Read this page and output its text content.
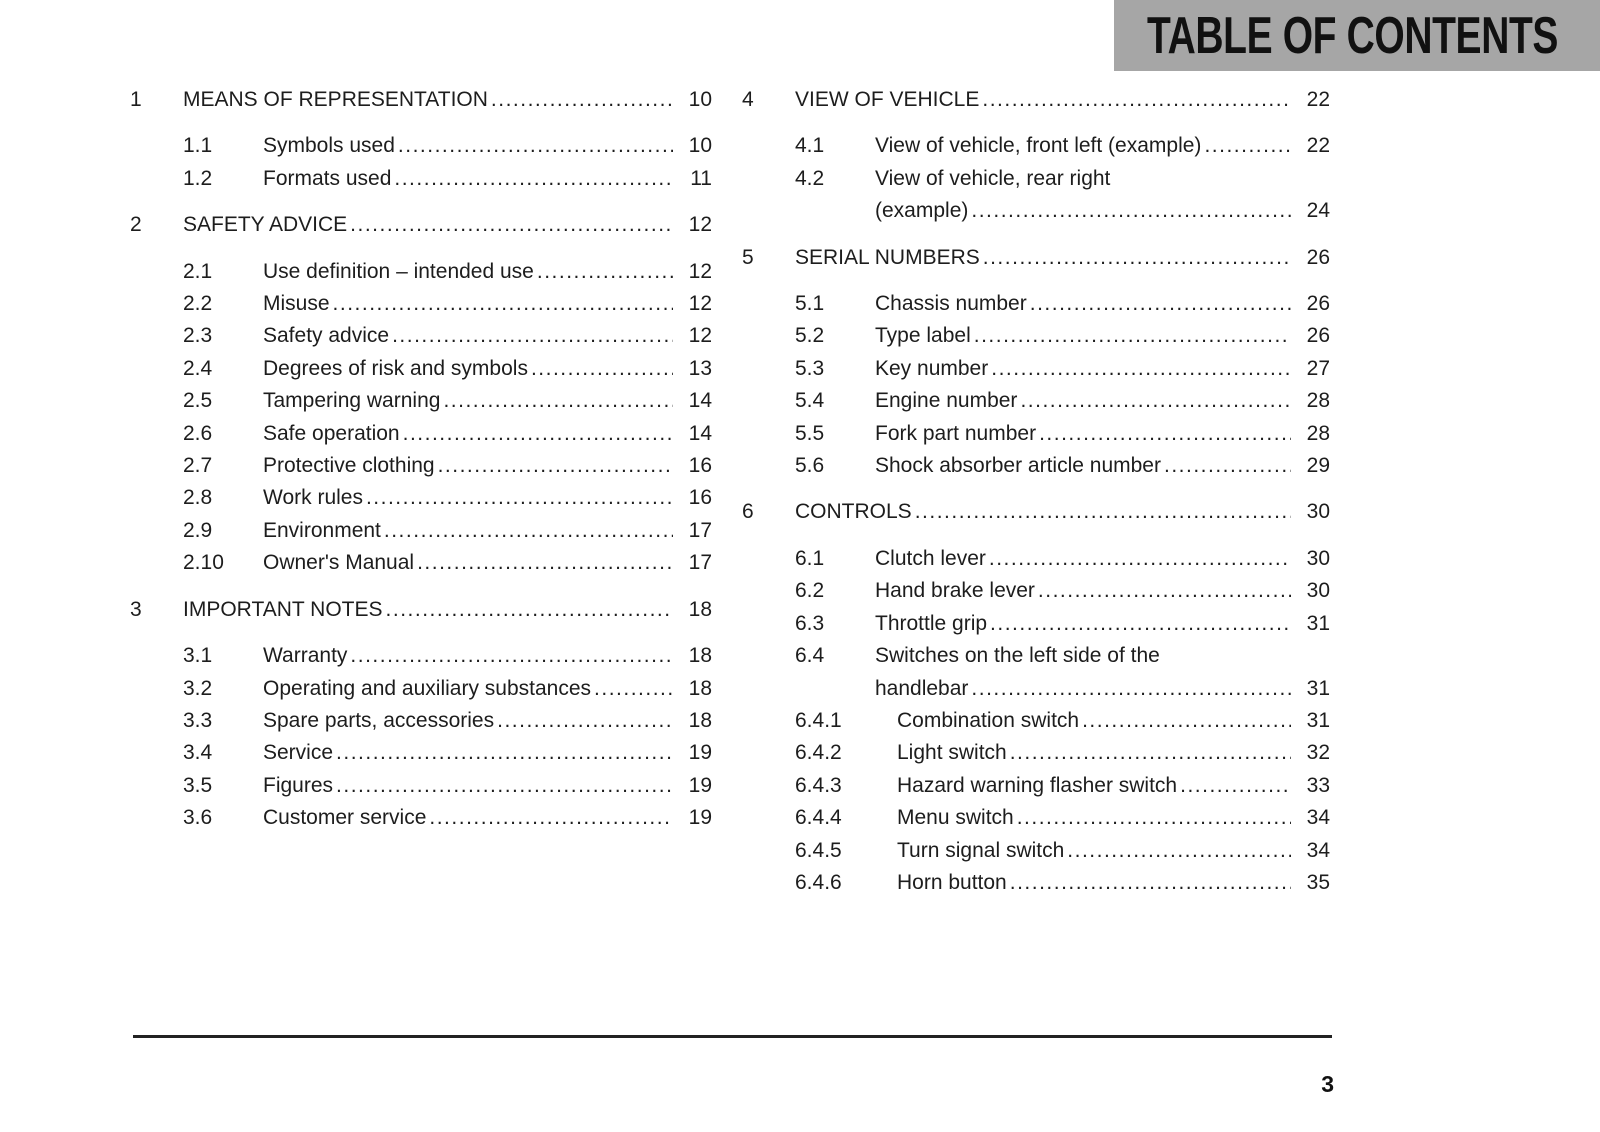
TABLE OF CONTENTS
1	MEANS OF REPRESENTATION .....	10
1.1	Symbols used .....	10
1.2	Formats used .....	11
2	SAFETY ADVICE .....	12
2.1	Use definition – intended use .....	12
2.2	Misuse .....	12
2.3	Safety advice .....	12
2.4	Degrees of risk and symbols .....	13
2.5	Tampering warning .....	14
2.6	Safe operation .....	14
2.7	Protective clothing .....	16
2.8	Work rules .....	16
2.9	Environment .....	17
2.10	Owner's Manual .....	17
3	IMPORTANT NOTES .....	18
3.1	Warranty .....	18
3.2	Operating and auxiliary substances .....	18
3.3	Spare parts, accessories .....	18
3.4	Service .....	19
3.5	Figures .....	19
3.6	Customer service .....	19
4	VIEW OF VEHICLE .....	22
4.1	View of vehicle, front left (example) .....	22
4.2	View of vehicle, rear right
(example) .....	24
5	SERIAL NUMBERS .....	26
5.1	Chassis number .....	26
5.2	Type label .....	26
5.3	Key number .....	27
5.4	Engine number .....	28
5.5	Fork part number .....	28
5.6	Shock absorber article number .....	29
6	CONTROLS .....	30
6.1	Clutch lever .....	30
6.2	Hand brake lever .....	30
6.3	Throttle grip .....	31
6.4	Switches on the left side of the
handlebar .....	31
6.4.1	Combination switch .....	31
6.4.2	Light switch .....	32
6.4.3	Hazard warning flasher switch .....	33
6.4.4	Menu switch .....	34
6.4.5	Turn signal switch .....	34
6.4.6	Horn button .....	35
3
